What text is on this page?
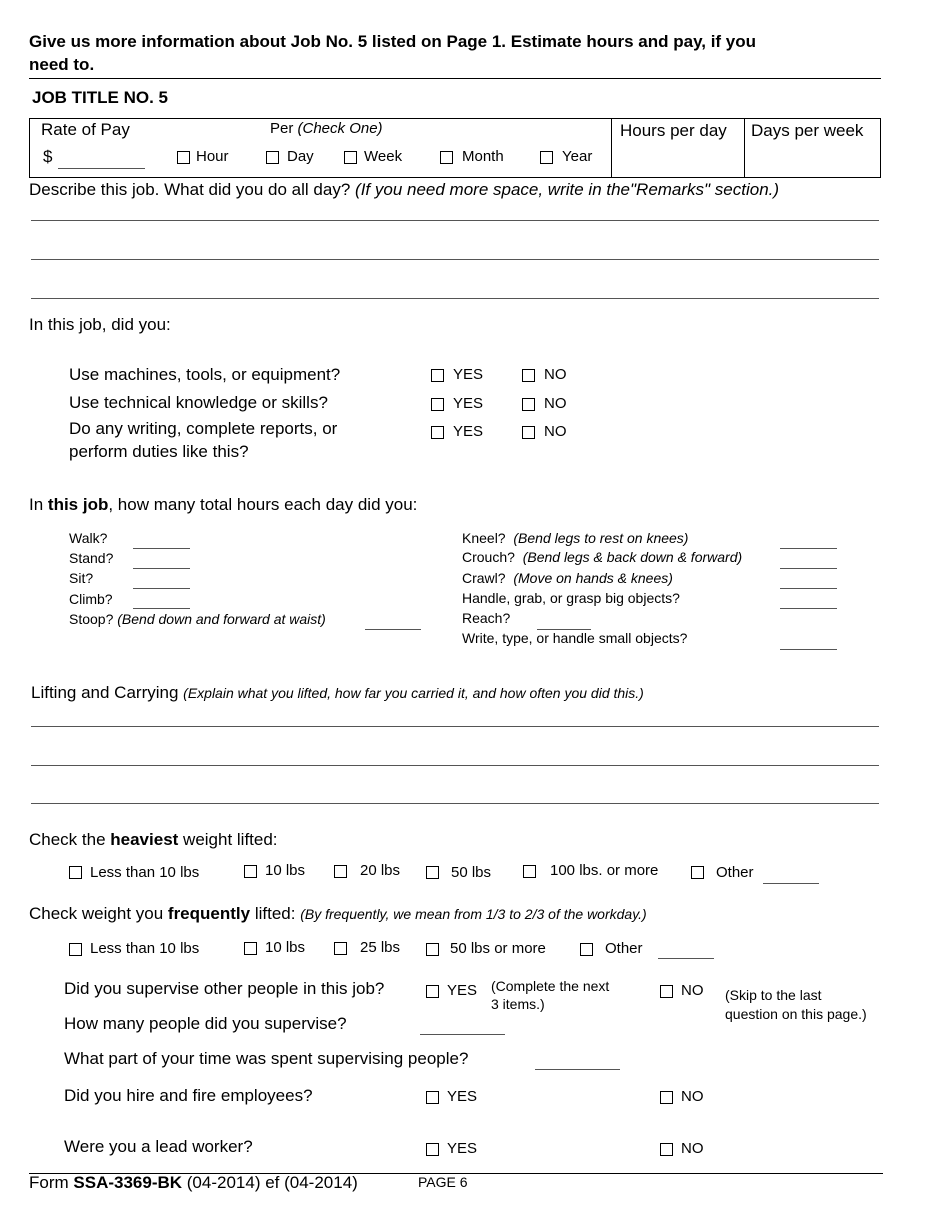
Give us more information about Job No. 5 listed on Page 1. Estimate hours and pay, if you
need to.
JOB TITLE NO. 5
Rate of Pay	Per (Check One)
$	Hour	Day	Week	Month	Year
Hours per day Days per week
Describe this job. What did you do all day? (If you need more space, write in the"Remarks" section.)
In this job, did you:
Use machines, tools, or equipment?	YES	NO
Use technical knowledge or skills?	YES	NO
Do any writing, complete reports, or
perform duties like this?
YES	NO
In this job, how many total hours each day did you:
Walk?
Stand?
Sit?
Climb?
Stoop? (Bend down and forward at waist)
Kneel? (Bend legs to rest on knees)
Crouch? (Bend legs & back down & forward)
Crawl? (Move on hands & knees)
Handle, grab, or grasp big objects?
Reach?
Write, type, or handle small objects?
Lifting and Carrying (Explain what you lifted, how far you carried it, and how often you did this.)
Check the heaviest weight lifted:
Less than 10 lbs	10 lbs	20 lbs	50 lbs	100 lbs. or more	Other
Check weight you frequently lifted: (By frequently, we mean from 1/3 to 2/3 of the workday.)
Less than 10 lbs	10 lbs	25 lbs	50 lbs or more	Other
Did you supervise other people in this job?	YES (Complete the next
3 items.)
NO (Skip to the last
question on this page.)
How many people did you supervise?
What part of your time was spent supervising people?
Did you hire and fire employees?	YES	NO
Were you a lead worker?	YES	NO
Form SSA-3369-BK (04-2014) ef (04-2014)	PAGE 6
